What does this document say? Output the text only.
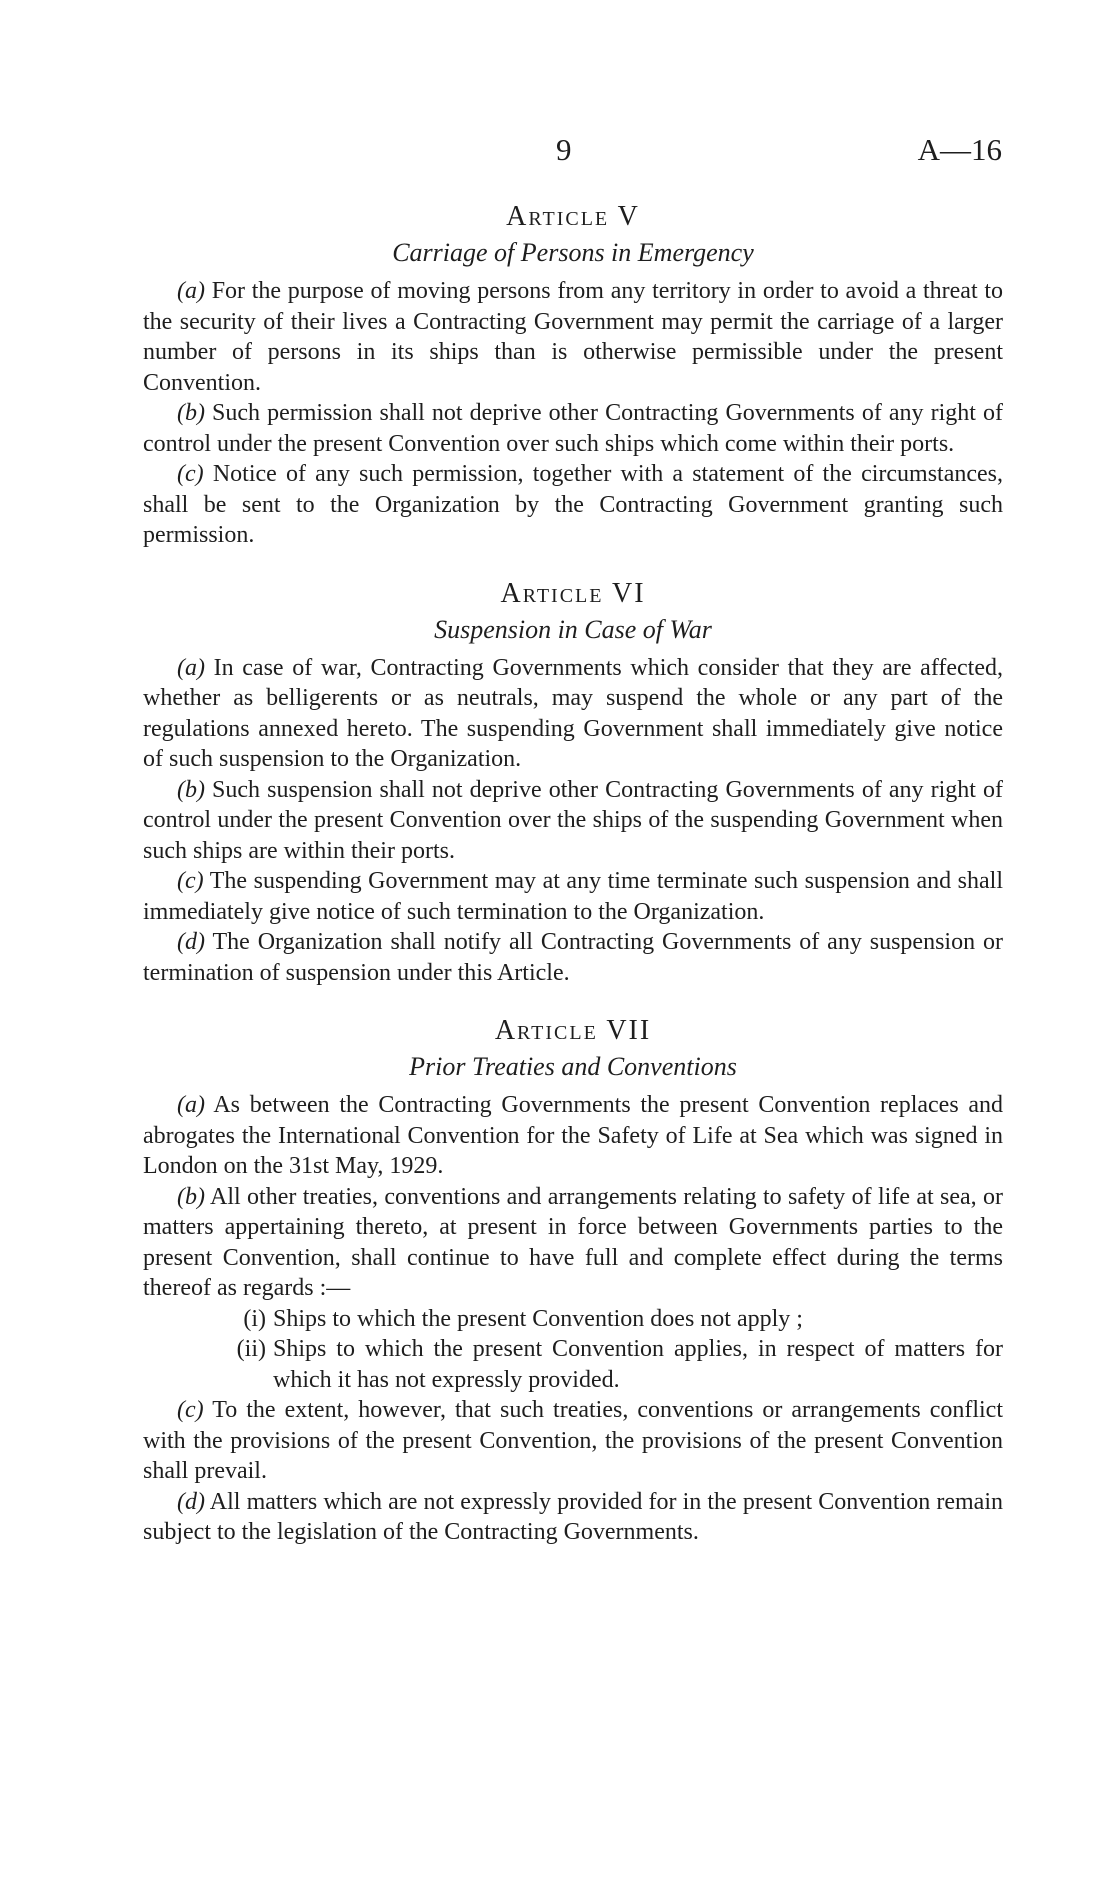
9	A—16
Article V
Carriage of Persons in Emergency

(a) For the purpose of moving persons from any territory in order to avoid a threat to the security of their lives a Contracting Government may permit the carriage of a larger number of persons in its ships than is otherwise permissible under the present Convention.

(b) Such permission shall not deprive other Contracting Governments of any right of control under the present Convention over such ships which come within their ports.

(c) Notice of any such permission, together with a statement of the circumstances, shall be sent to the Organization by the Contracting Government granting such permission.

Article VI
Suspension in Case of War

(a) In case of war, Contracting Governments which consider that they are affected, whether as belligerents or as neutrals, may suspend the whole or any part of the regulations annexed hereto. The suspending Government shall immediately give notice of such suspension to the Organization.

(b) Such suspension shall not deprive other Contracting Governments of any right of control under the present Convention over the ships of the suspending Government when such ships are within their ports.

(c) The suspending Government may at any time terminate such suspension and shall immediately give notice of such termination to the Organization.

(d) The Organization shall notify all Contracting Governments of any suspension or termination of suspension under this Article.

Article VII
Prior Treaties and Conventions

(a) As between the Contracting Governments the present Convention replaces and abrogates the International Convention for the Safety of Life at Sea which was signed in London on the 31st May, 1929.

(b) All other treaties, conventions and arrangements relating to safety of life at sea, or matters appertaining thereto, at present in force between Governments parties to the present Convention, shall continue to have full and complete effect during the terms thereof as regards :—

(i) Ships to which the present Convention does not apply ;
(ii) Ships to which the present Convention applies, in respect of matters for which it has not expressly provided.

(c) To the extent, however, that such treaties, conventions or arrangements conflict with the provisions of the present Convention, the provisions of the present Convention shall prevail.

(d) All matters which are not expressly provided for in the present Convention remain subject to the legislation of the Contracting Governments.
